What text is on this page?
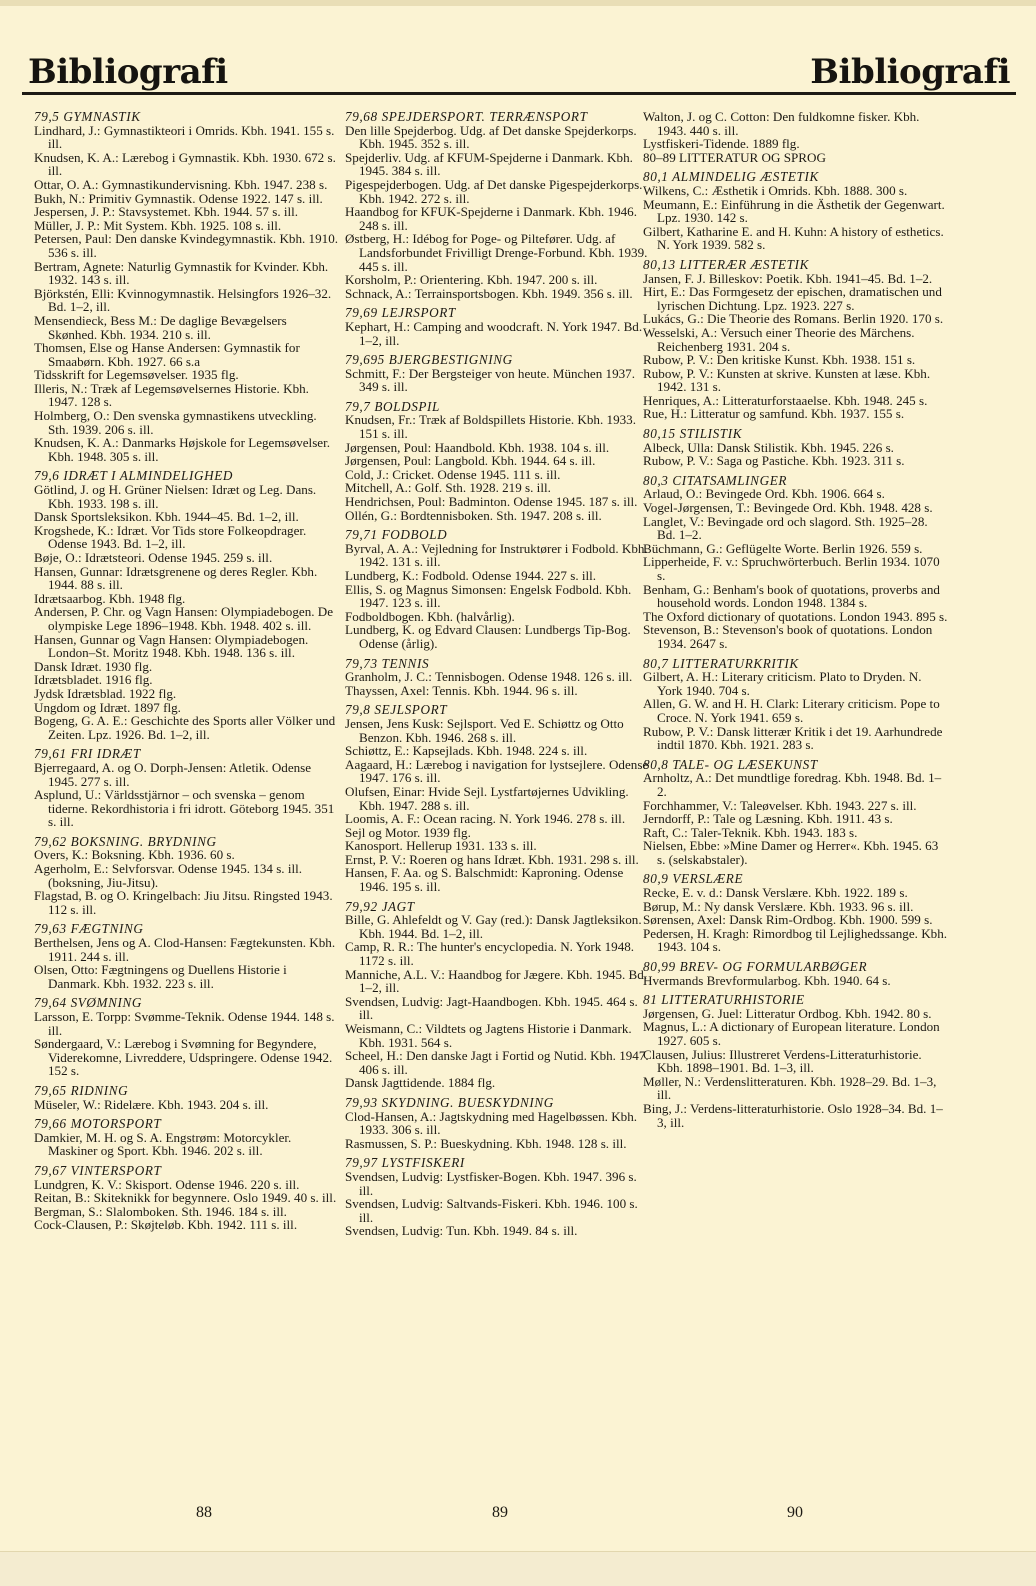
Bibliografi	Bibliografi
79,5 GYMNASTIK
Lindhard, J.: Gymnastikteori i Omrids. Kbh. 1941. 155 s. ill.
Knudsen, K. A.: Lærebog i Gymnastik. Kbh. 1930. 672 s. ill.
Ottar, O. A.: Gymnastikundervisning. Kbh. 1947. 238 s.
Bukh, N.: Primitiv Gymnastik. Odense 1922. 147 s. ill.
Jespersen, J. P.: Stavsystemet. Kbh. 1944. 57 s. ill.
Müller, J. P.: Mit System. Kbh. 1925. 108 s. ill.
Petersen, Paul: Den danske Kvindegymnastik. Kbh. 1910. 536 s. ill.
Bertram, Agnete: Naturlig Gymnastik for Kvinder. Kbh. 1932. 143 s. ill.
Björkstén, Elli: Kvinnogymnastik. Helsingfors 1926–32. Bd. 1–2, ill.
Mensendieck, Bess M.: De daglige Bevægelsers Skønhed. Kbh. 1934. 210 s. ill.
Thomsen, Else og Hanse Andersen: Gymnastik for Smaabørn. Kbh. 1927. 66 s.a
Tidsskrift for Legemsøvelser. 1935 flg.
Illeris, N.: Træk af Legemsøvelsernes Historie. Kbh. 1947. 128 s.
Holmberg, O.: Den svenska gymnastikens utveckling. Sth. 1939. 206 s. ill.
Knudsen, K. A.: Danmarks Højskole for Legemsøvelser. Kbh. 1948. 305 s. ill.
79,6 IDRÆT I ALMINDELIGHED
Götlind, J. og H. Grüner Nielsen: Idræt og Leg. Dans. Kbh. 1933. 198 s. ill.
Dansk Sportsleksikon. Kbh. 1944–45. Bd. 1–2, ill.
Krogshede, K.: Idræt. Vor Tids store Folkeopdrager. Odense 1943. Bd. 1–2, ill.
Bøje, O.: Idrætsteori. Odense 1945. 259 s. ill.
Hansen, Gunnar: Idrætsgrenene og deres Regler. Kbh. 1944. 88 s. ill.
Idrætsaarbog. Kbh. 1948 flg.
Andersen, P. Chr. og Vagn Hansen: Olympiadebogen. De olympiske Lege 1896–1948. Kbh. 1948. 402 s. ill.
Hansen, Gunnar og Vagn Hansen: Olympiadebogen. London–St. Moritz 1948. Kbh. 1948. 136 s. ill.
Dansk Idræt. 1930 flg.
Idrætsbladet. 1916 flg.
Jydsk Idrætsblad. 1922 flg.
Ungdom og Idræt. 1897 flg.
Bogeng, G. A. E.: Geschichte des Sports aller Völker und Zeiten. Lpz. 1926. Bd. 1–2, ill.
79,61 FRI IDRÆT
Bjerregaard, A. og O. Dorph-Jensen: Atletik. Odense 1945. 277 s. ill.
Asplund, U.: Världsstjärnor – och svenska – genom tiderne. Rekordhistoria i fri idrott. Göteborg 1945. 351 s. ill.
79,62 BOKSNING. BRYDNING
Overs, K.: Boksning. Kbh. 1936. 60 s.
Agerholm, E.: Selvforsvar. Odense 1945. 134 s. ill. (boksning, Jiu-Jitsu).
Flagstad, B. og O. Kringelbach: Jiu Jitsu. Ringsted 1943. 112 s. ill.
79,63 FÆGTNING
Berthelsen, Jens og A. Clod-Hansen: Fægtekunsten. Kbh. 1911. 244 s. ill.
Olsen, Otto: Fægtningens og Duellens Historie i Danmark. Kbh. 1932. 223 s. ill.
79,64 SVØMNING
Larsson, E. Torpp: Svømme-Teknik. Odense 1944. 148 s. ill.
Søndergaard, V.: Lærebog i Svømning for Begyndere, Viderekomne, Livreddere, Udspringere. Odense 1942. 152 s.
79,65 RIDNING
Müseler, W.: Ridelære. Kbh. 1943. 204 s. ill.
79,66 MOTORSPORT
Damkier, M. H. og S. A. Engstrøm: Motorcykler. Maskiner og Sport. Kbh. 1946. 202 s. ill.
79,67 VINTERSPORT
Lundgren, K. V.: Skisport. Odense 1946. 220 s. ill.
Reitan, B.: Skiteknikk for begynnere. Oslo 1949. 40 s. ill.
Bergman, S.: Slalomboken. Sth. 1946. 184 s. ill.
Cock-Clausen, P.: Skøjteløb. Kbh. 1942. 111 s. ill.
79,68 SPEJDERSPORT. TERRÆNSPORT
Den lille Spejderbog. Udg. af Det danske Spejderkorps. Kbh. 1945. 352 s. ill.
Spejderliv. Udg. af KFUM-Spejderne i Danmark. Kbh. 1945. 384 s. ill.
Pigespejderbogen. Udg. af Det danske Pigespejderkorps. Kbh. 1942. 272 s. ill.
Haandbog for KFUK-Spejderne i Danmark. Kbh. 1946. 248 s. ill.
Østberg, H.: Idébog for Poge- og Piltefører. Udg. af Landsforbundet Frivilligt Drenge-Forbund. Kbh. 1939. 445 s. ill.
Korsholm, P.: Orientering. Kbh. 1947. 200 s. ill.
Schnack, A.: Terrainsportsbogen. Kbh. 1949. 356 s. ill.
79,69 LEJRSPORT
Kephart, H.: Camping and woodcraft. N. York 1947. Bd. 1–2, ill.
79,695 BJERGBESTIGNING
Schmitt, F.: Der Bergsteiger von heute. München 1937. 349 s. ill.
79,7 BOLDSPIL
Knudsen, Fr.: Træk af Boldspillets Historie. Kbh. 1933. 151 s. ill.
Jørgensen, Poul: Haandbold. Kbh. 1938. 104 s. ill.
Jørgensen, Poul: Langbold. Kbh. 1944. 64 s. ill.
Cold, J.: Cricket. Odense 1945. 111 s. ill.
Mitchell, A.: Golf. Sth. 1928. 219 s. ill.
Hendrichsen, Poul: Badminton. Odense 1945. 187 s. ill.
Ollén, G.: Bordtennisboken. Sth. 1947. 208 s. ill.
79,71 FODBOLD
Byrval, A. A.: Vejledning for Instruktører i Fodbold. Kbh. 1942. 131 s. ill.
Lundberg, K.: Fodbold. Odense 1944. 227 s. ill.
Ellis, S. og Magnus Simonsen: Engelsk Fodbold. Kbh. 1947. 123 s. ill.
Fodboldbogen. Kbh. (halvårlig).
Lundberg, K. og Edvard Clausen: Lundbergs Tip-Bog. Odense (årlig).
79,73 TENNIS
Granholm, J. C.: Tennisbogen. Odense 1948. 126 s. ill.
Thayssen, Axel: Tennis. Kbh. 1944. 96 s. ill.
79,8 SEJLSPORT
Jensen, Jens Kusk: Sejlsport. Ved E. Schiøttz og Otto Benzon. Kbh. 1946. 268 s. ill.
Schiøttz, E.: Kapsejlads. Kbh. 1948. 224 s. ill.
Aagaard, H.: Lærebog i navigation for lystsejlere. Odense 1947. 176 s. ill.
Olufsen, Einar: Hvide Sejl. Lystfartøjernes Udvikling. Kbh. 1947. 288 s. ill.
Loomis, A. F.: Ocean racing. N. York 1946. 278 s. ill.
Sejl og Motor. 1939 flg.
Kanosport. Hellerup 1931. 133 s. ill.
Ernst, P. V.: Roeren og hans Idræt. Kbh. 1931. 298 s. ill.
Hansen, F. Aa. og S. Balschmidt: Kaproning. Odense 1946. 195 s. ill.
79,92 JAGT
Bille, G. Ahlefeldt og V. Gay (red.): Dansk Jagtleksikon. Kbh. 1944. Bd. 1–2, ill.
Camp, R. R.: The hunter's encyclopedia. N. York 1948. 1172 s. ill.
Manniche, A.L. V.: Haandbog for Jægere. Kbh. 1945. Bd. 1–2, ill.
Svendsen, Ludvig: Jagt-Haandbogen. Kbh. 1945. 464 s. ill.
Weismann, C.: Vildtets og Jagtens Historie i Danmark. Kbh. 1931. 564 s.
Scheel, H.: Den danske Jagt i Fortid og Nutid. Kbh. 1947. 406 s. ill.
Dansk Jagttidende. 1884 flg.
79,93 SKYDNING. BUESKYDNING
Clod-Hansen, A.: Jagtskydning med Hagelbøssen. Kbh. 1933. 306 s. ill.
Rasmussen, S. P.: Bueskydning. Kbh. 1948. 128 s. ill.
79,97 LYSTFISKERI
Svendsen, Ludvig: Lystfisker-Bogen. Kbh. 1947. 396 s. ill.
Svendsen, Ludvig: Saltvands-Fiskeri. Kbh. 1946. 100 s. ill.
Svendsen, Ludvig: Tun. Kbh. 1949. 84 s. ill.
Walton, J. og C. Cotton: Den fuldkomne fisker. Kbh. 1943. 440 s. ill.
Lystfiskeri-Tidende. 1889 flg.
80–89 LITTERATUR OG SPROG
80,1 ALMINDELIG ÆSTETIK
Wilkens, C.: Æsthetik i Omrids. Kbh. 1888. 300 s.
Meumann, E.: Einführung in die Ästhetik der Gegenwart. Lpz. 1930. 142 s.
Gilbert, Katharine E. and H. Kuhn: A history of esthetics. N. York 1939. 582 s.
80,13 LITTERÆR ÆSTETIK
Jansen, F. J. Billeskov: Poetik. Kbh. 1941–45. Bd. 1–2.
Hirt, E.: Das Formgesetz der epischen, dramatischen und lyrischen Dichtung. Lpz. 1923. 227 s.
Lukács, G.: Die Theorie des Romans. Berlin 1920. 170 s.
Wesselski, A.: Versuch einer Theorie des Märchens. Reichenberg 1931. 204 s.
Rubow, P. V.: Den kritiske Kunst. Kbh. 1938. 151 s.
Rubow, P. V.: Kunsten at skrive. Kunsten at læse. Kbh. 1942. 131 s.
Henriques, A.: Litteraturforstaaelse. Kbh. 1948. 245 s.
Rue, H.: Litteratur og samfund. Kbh. 1937. 155 s.
80,15 STILISTIK
Albeck, Ulla: Dansk Stilistik. Kbh. 1945. 226 s.
Rubow, P. V.: Saga og Pastiche. Kbh. 1923. 311 s.
80,3 CITATSAMLINGER
Arlaud, O.: Bevingede Ord. Kbh. 1906. 664 s.
Vogel-Jørgensen, T.: Bevingede Ord. Kbh. 1948. 428 s.
Langlet, V.: Bevingade ord och slagord. Sth. 1925–28. Bd. 1–2.
Büchmann, G.: Geflügelte Worte. Berlin 1926. 559 s.
Lipperheide, F. v.: Spruchwörterbuch. Berlin 1934. 1070 s.
Benham, G.: Benham's book of quotations, proverbs and household words. London 1948. 1384 s.
The Oxford dictionary of quotations. London 1943. 895 s.
Stevenson, B.: Stevenson's book of quotations. London 1934. 2647 s.
80,7 LITTERATURKRITIK
Gilbert, A. H.: Literary criticism. Plato to Dryden. N. York 1940. 704 s.
Allen, G. W. and H. H. Clark: Literary criticism. Pope to Croce. N. York 1941. 659 s.
Rubow, P. V.: Dansk litterær Kritik i det 19. Aarhundrede indtil 1870. Kbh. 1921. 283 s.
80,8 TALE- OG LÆSEKUNST
Arnholtz, A.: Det mundtlige foredrag. Kbh. 1948. Bd. 1–2.
Forchhammer, V.: Taleøvelser. Kbh. 1943. 227 s. ill.
Jerndorff, P.: Tale og Læsning. Kbh. 1911. 43 s.
Raft, C.: Taler-Teknik. Kbh. 1943. 183 s.
Nielsen, Ebbe: »Mine Damer og Herrer«. Kbh. 1945. 63 s. (selskabstaler).
80,9 VERSLÆRE
Recke, E. v. d.: Dansk Verslære. Kbh. 1922. 189 s.
Børup, M.: Ny dansk Verslære. Kbh. 1933. 96 s. ill.
Sørensen, Axel: Dansk Rim-Ordbog. Kbh. 1900. 599 s.
Pedersen, H. Kragh: Rimordbog til Lejlighedssange. Kbh. 1943. 104 s.
80,99 BREV- OG FORMULARBØGER
Hvermands Brevformularbog. Kbh. 1940. 64 s.
81 LITTERATURHISTORIE
Jørgensen, G. Juel: Litteratur Ordbog. Kbh. 1942. 80 s.
Magnus, L.: A dictionary of European literature. London 1927. 605 s.
Clausen, Julius: Illustreret Verdens-Litteraturhistorie. Kbh. 1898–1901. Bd. 1–3, ill.
Møller, N.: Verdenslitteraturen. Kbh. 1928–29. Bd. 1–3, ill.
Bing, J.: Verdens-litteraturhistorie. Oslo 1928–34. Bd. 1–3, ill.
88	89	90
